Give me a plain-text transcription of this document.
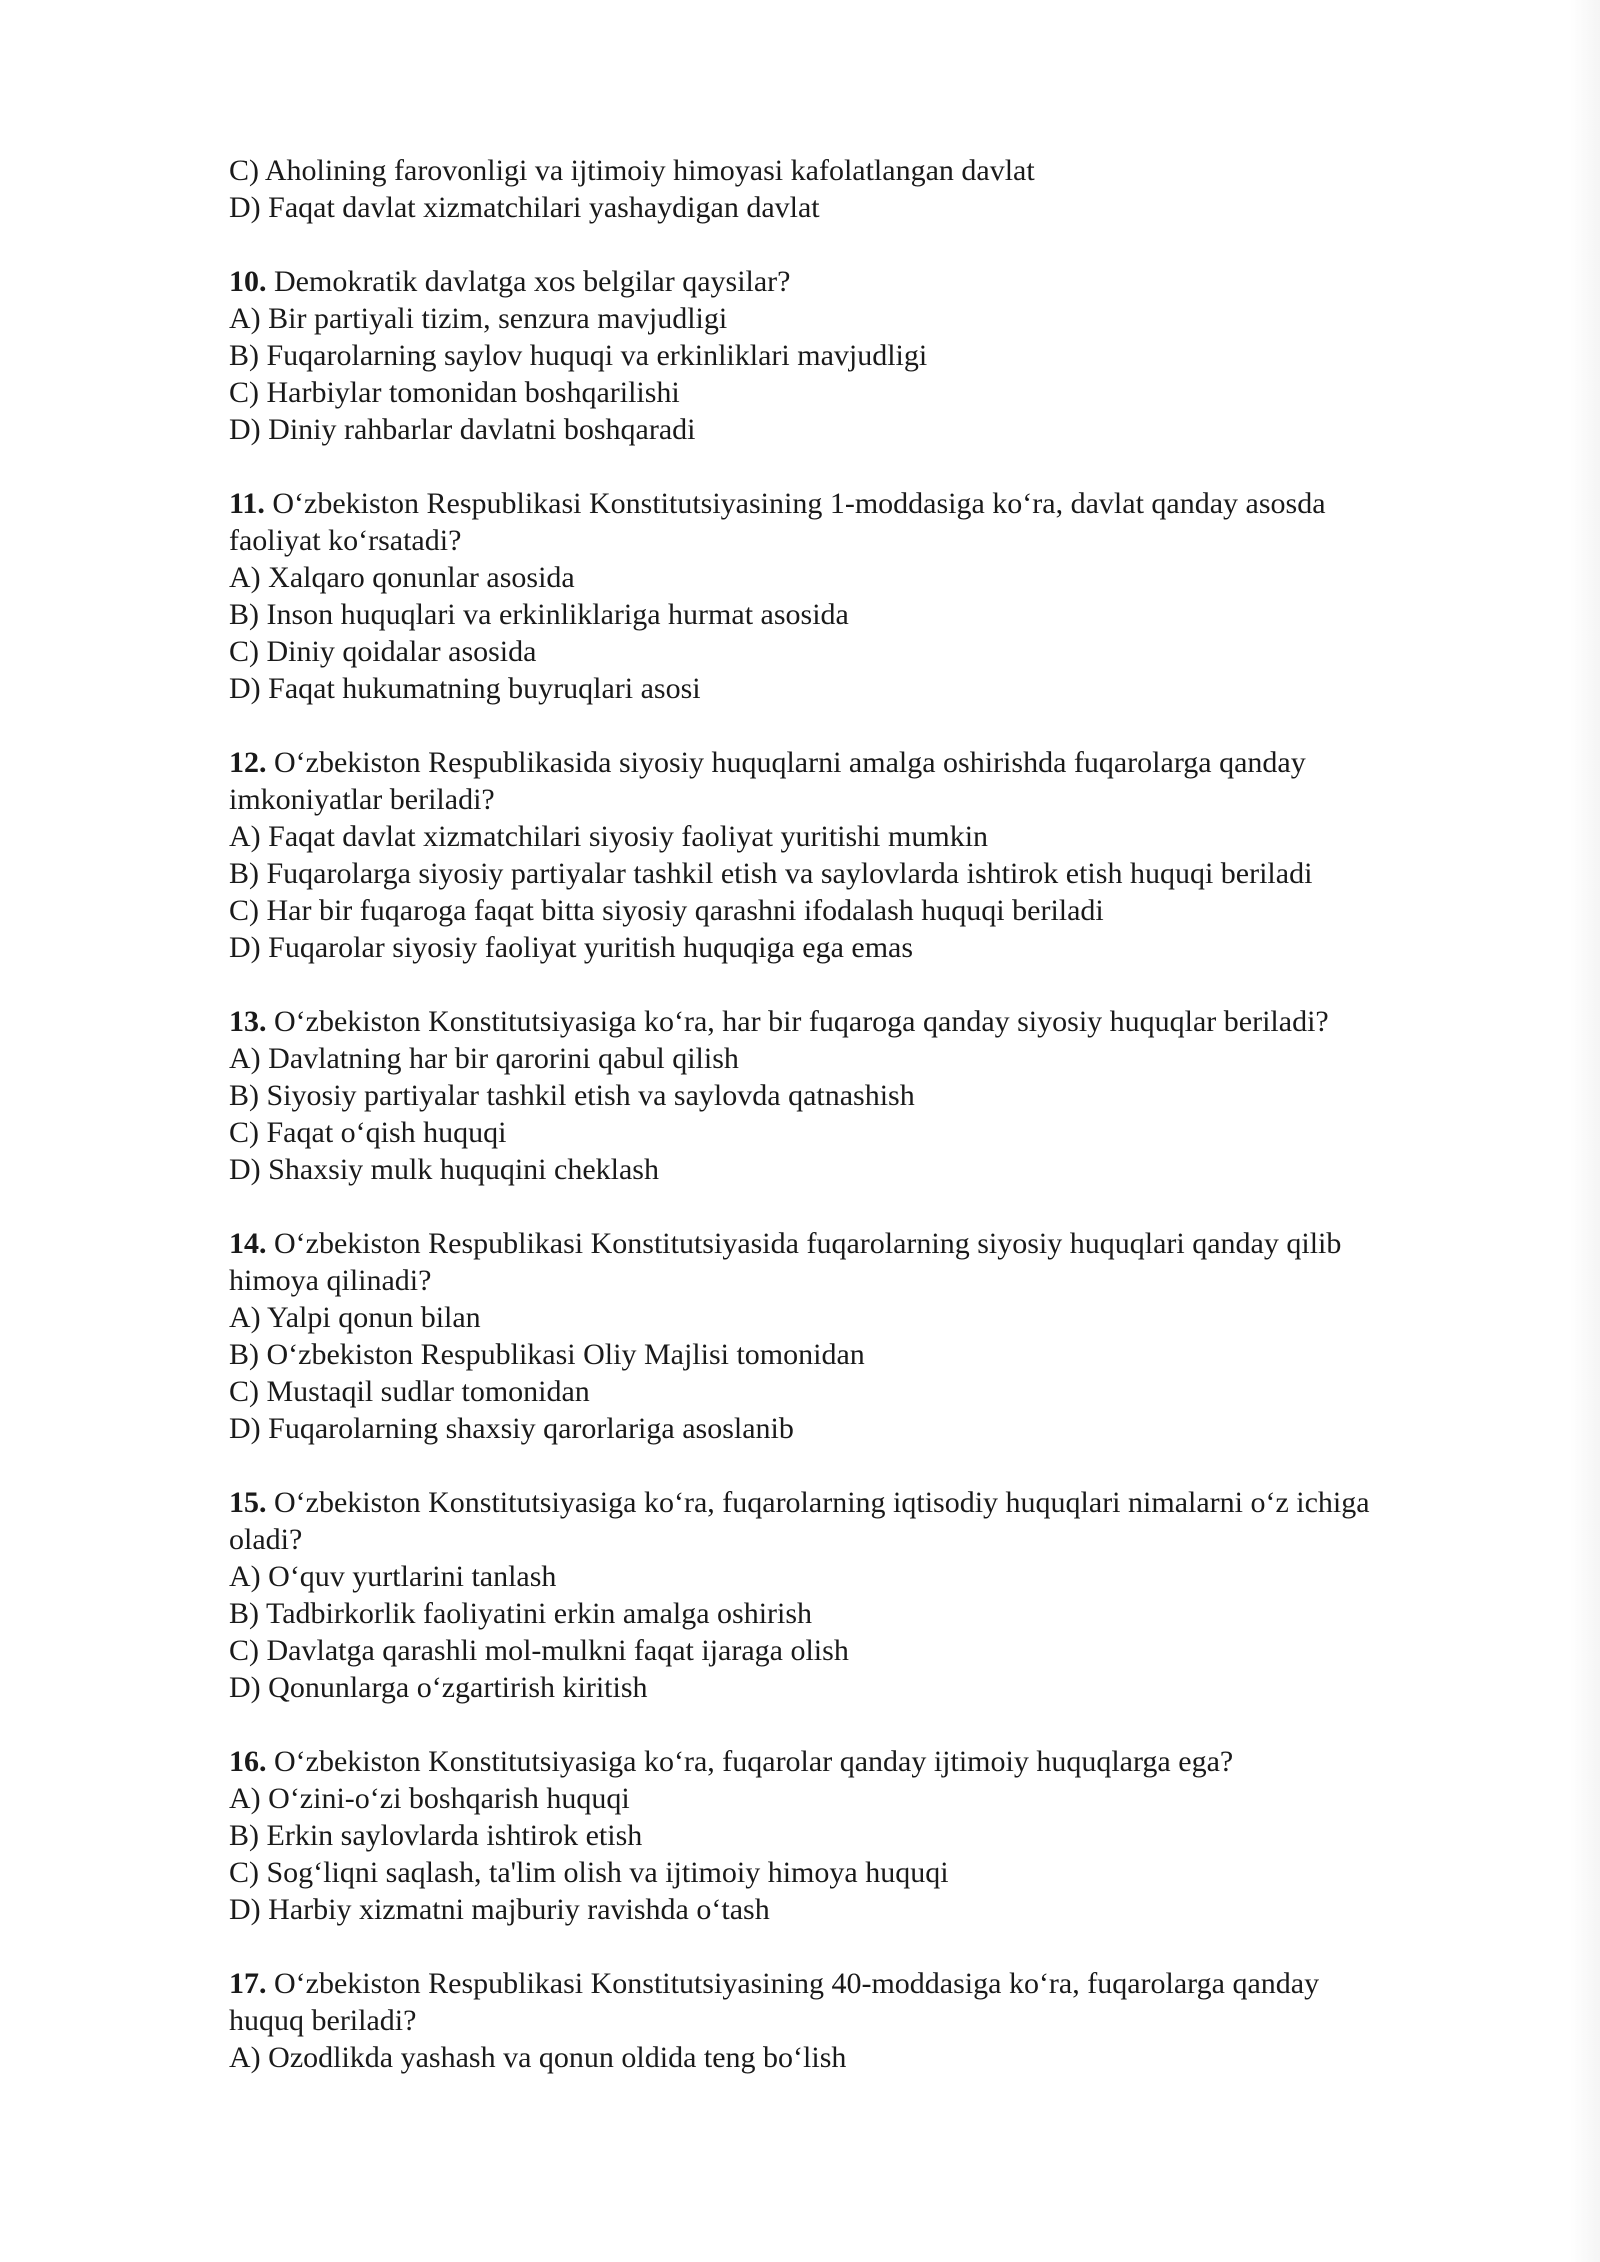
C) Aholining farovonligi va ijtimoiy himoyasi kafolatlangan davlat

D) Faqat davlat xizmatchilari yashaydigan davlat

10. Demokratik davlatga xos belgilar qaysilar?

A) Bir partiyali tizim, senzura mavjudligi

B) Fuqarolarning saylov huquqi va erkinliklari mavjudligi

C) Harbiylar tomonidan boshqarilishi

D) Diniy rahbarlar davlatni boshqaradi

11. O‘zbekiston Respublikasi Konstitutsiyasining 1-moddasiga ko‘ra, davlat qanday asosda

faoliyat ko‘rsatadi?

A) Xalqaro qonunlar asosida

B) Inson huquqlari va erkinliklariga hurmat asosida

C) Diniy qoidalar asosida

D) Faqat hukumatning buyruqlari asosi

12. O‘zbekiston Respublikasida siyosiy huquqlarni amalga oshirishda fuqarolarga qanday

imkoniyatlar beriladi?

A) Faqat davlat xizmatchilari siyosiy faoliyat yuritishi mumkin

B) Fuqarolarga siyosiy partiyalar tashkil etish va saylovlarda ishtirok etish huquqi beriladi

C) Har bir fuqaroga faqat bitta siyosiy qarashni ifodalash huquqi beriladi

D) Fuqarolar siyosiy faoliyat yuritish huquqiga ega emas

13. O‘zbekiston Konstitutsiyasiga ko‘ra, har bir fuqaroga qanday siyosiy huquqlar beriladi?

A) Davlatning har bir qarorini qabul qilish

B) Siyosiy partiyalar tashkil etish va saylovda qatnashish

C) Faqat o‘qish huquqi

D) Shaxsiy mulk huquqini cheklash

14. O‘zbekiston Respublikasi Konstitutsiyasida fuqarolarning siyosiy huquqlari qanday qilib

himoya qilinadi?

A) Yalpi qonun bilan

B) O‘zbekiston Respublikasi Oliy Majlisi tomonidan

C) Mustaqil sudlar tomonidan

D) Fuqarolarning shaxsiy qarorlariga asoslanib

15. O‘zbekiston Konstitutsiyasiga ko‘ra, fuqarolarning iqtisodiy huquqlari nimalarni o‘z ichiga

oladi?

A) O‘quv yurtlarini tanlash

B) Tadbirkorlik faoliyatini erkin amalga oshirish

C) Davlatga qarashli mol-mulkni faqat ijaraga olish

D) Qonunlarga o‘zgartirish kiritish

16. O‘zbekiston Konstitutsiyasiga ko‘ra, fuqarolar qanday ijtimoiy huquqlarga ega?

A) O‘zini-o‘zi boshqarish huquqi

B) Erkin saylovlarda ishtirok etish

C) Sog‘liqni saqlash, ta'lim olish va ijtimoiy himoya huquqi

D) Harbiy xizmatni majburiy ravishda o‘tash

17. O‘zbekiston Respublikasi Konstitutsiyasining 40-moddasiga ko‘ra, fuqarolarga qanday

huquq beriladi?

A) Ozodlikda yashash va qonun oldida teng bo‘lish
